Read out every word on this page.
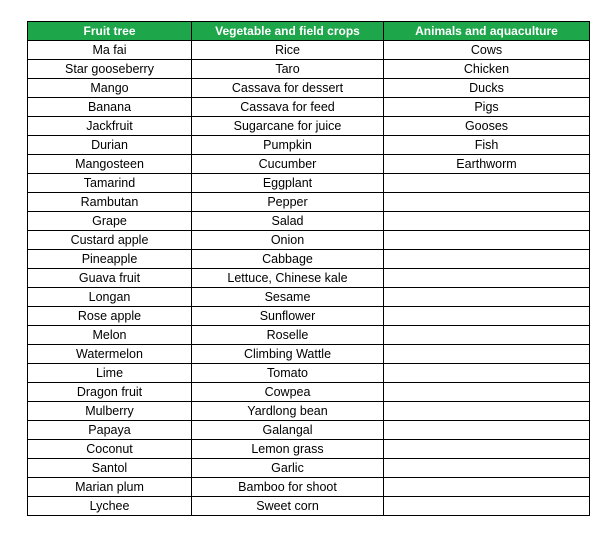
Fruit tree	Vegetable and field crops	Animals and aquaculture
Ma fai	Rice	Cows
Star gooseberry	Taro	Chicken
Mango	Cassava for dessert	Ducks
Banana	Cassava for feed	Pigs
Jackfruit	Sugarcane for juice	Gooses
Durian	Pumpkin	Fish
Mangosteen	Cucumber	Earthworm
Tamarind	Eggplant	
Rambutan	Pepper	
Grape	Salad	
Custard apple	Onion	
Pineapple	Cabbage	
Guava fruit	Lettuce, Chinese kale	
Longan	Sesame	
Rose apple	Sunflower	
Melon	Roselle	
Watermelon	Climbing Wattle	
Lime	Tomato	
Dragon fruit	Cowpea	
Mulberry	Yardlong bean	
Papaya	Galangal	
Coconut	Lemon grass	
Santol	Garlic	
Marian plum	Bamboo for shoot	
Lychee	Sweet corn	
